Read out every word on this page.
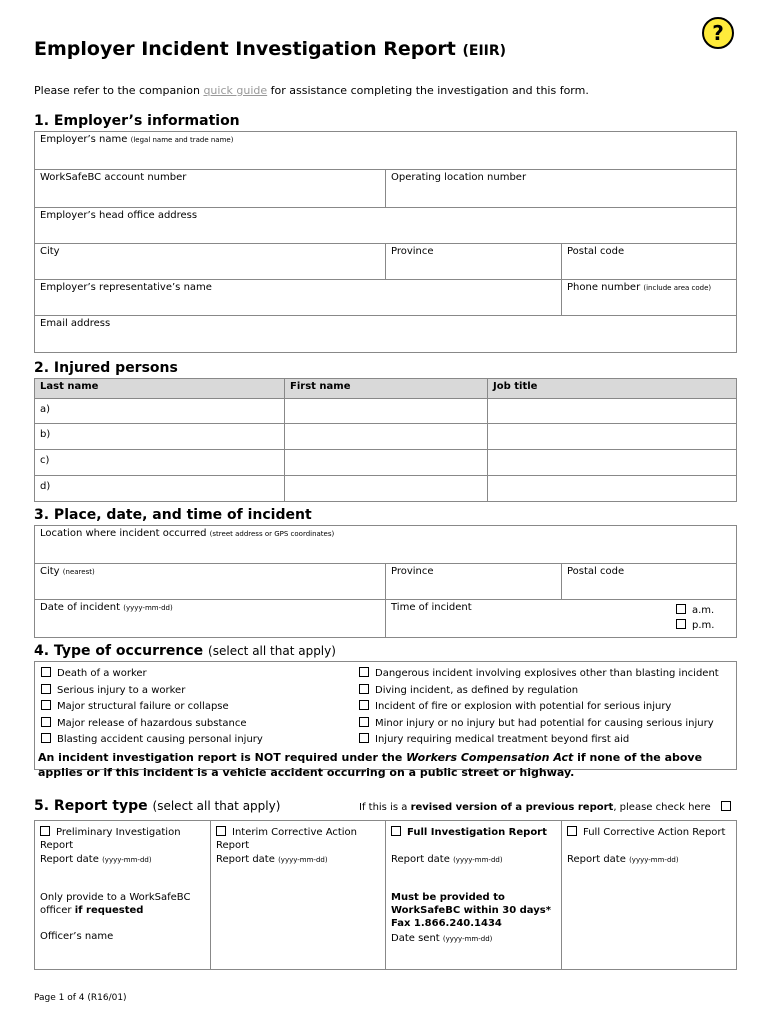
Employer Incident Investigation Report (EIIR)
?
Please refer to the companion quick guide for assistance completing the investigation and this form.
1. Employer’s information
Employer’s name (legal name and trade name)
WorkSafeBC account number	Operating location number
Employer’s head office address
City	Province	Postal code
Employer’s representative’s name	Phone number (include area code)
Email address
2. Injured persons
Last name	First name	Job title
a)
b)
c)
d)
3. Place, date, and time of incident
Location where incident occurred (street address or GPS coordinates)
City (nearest)	Province	Postal code
Date of incident (yyyy-mm-dd)	Time of incident	a.m.
p.m.
4. Type of occurrence (select all that apply)
Death of a worker
Serious injury to a worker
Major structural failure or collapse
Major release of hazardous substance
Blasting accident causing personal injury
Dangerous incident involving explosives other than blasting incident
Diving incident, as defined by regulation
Incident of fire or explosion with potential for serious injury
Minor injury or no injury but had potential for causing serious injury
Injury requiring medical treatment beyond first aid
An incident investigation report is NOT required under the Workers Compensation Act if none of the above
applies or if this incident is a vehicle accident occurring on a public street or highway.
5. Report type (select all that apply)	If this is a revised version of a previous report, please check here
Preliminary Investigation Report
Report date (yyyy-mm-dd)
Only provide to a WorkSafeBC officer if requested
Officer’s name
Interim Corrective Action Report
Report date (yyyy-mm-dd)
Full Investigation Report
Report date (yyyy-mm-dd)
Must be provided to
WorkSafeBC within 30 days*
Fax 1.866.240.1434
Date sent (yyyy-mm-dd)
Full Corrective Action Report
Report date (yyyy-mm-dd)
Page 1 of 4 (R16/01)
